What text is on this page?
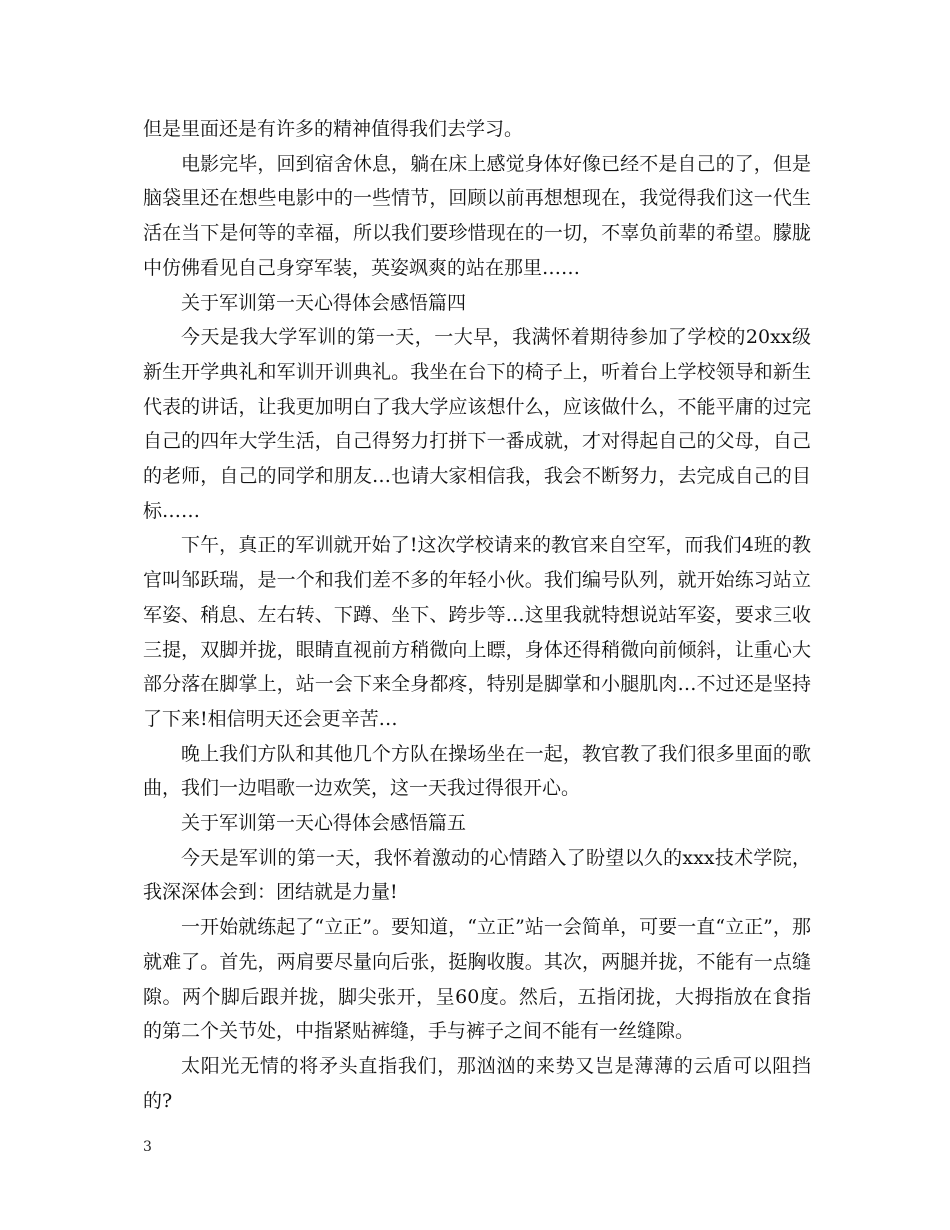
但是里面还是有许多的精神值得我们去学习。

电影完毕，回到宿舍休息，躺在床上感觉身体好像已经不是自己的了，但是脑袋里还在想些电影中的一些情节，回顾以前再想想现在，我觉得我们这一代生活在当下是何等的幸福，所以我们要珍惜现在的一切，不辜负前辈的希望。朦胧中仿佛看见自己身穿军装，英姿飒爽的站在那里……

关于军训第一天心得体会感悟篇四

今天是我大学军训的第一天，一大早，我满怀着期待参加了学校的20xx级新生开学典礼和军训开训典礼。我坐在台下的椅子上，听着台上学校领导和新生代表的讲话，让我更加明白了我大学应该想什么，应该做什么，不能平庸的过完自己的四年大学生活，自己得努力打拼下一番成就，才对得起自己的父母，自己的老师，自己的同学和朋友…也请大家相信我，我会不断努力，去完成自己的目标……

下午，真正的军训就开始了!这次学校请来的教官来自空军，而我们4班的教官叫邹跃瑞，是一个和我们差不多的年轻小伙。我们编号队列，就开始练习站立军姿、稍息、左右转、下蹲、坐下、跨步等…这里我就特想说站军姿，要求三收三提，双脚并拢，眼睛直视前方稍微向上瞟，身体还得稍微向前倾斜，让重心大部分落在脚掌上，站一会下来全身都疼，特别是脚掌和小腿肌肉…不过还是坚持了下来!相信明天还会更辛苦…

晚上我们方队和其他几个方队在操场坐在一起，教官教了我们很多里面的歌曲，我们一边唱歌一边欢笑，这一天我过得很开心。

关于军训第一天心得体会感悟篇五

今天是军训的第一天，我怀着激动的心情踏入了盼望以久的xxx技术学院，我深深体会到：团结就是力量!

一开始就练起了“立正”。要知道，“立正”站一会简单，可要一直“立正”，那就难了。首先，两肩要尽量向后张，挺胸收腹。其次，两腿并拢，不能有一点缝隙。两个脚后跟并拢，脚尖张开，呈60度。然后，五指闭拢，大拇指放在食指的第二个关节处，中指紧贴裤缝，手与裤子之间不能有一丝缝隙。

太阳光无情的将矛头直指我们，那汹汹的来势又岂是薄薄的云盾可以阻挡的?

3
